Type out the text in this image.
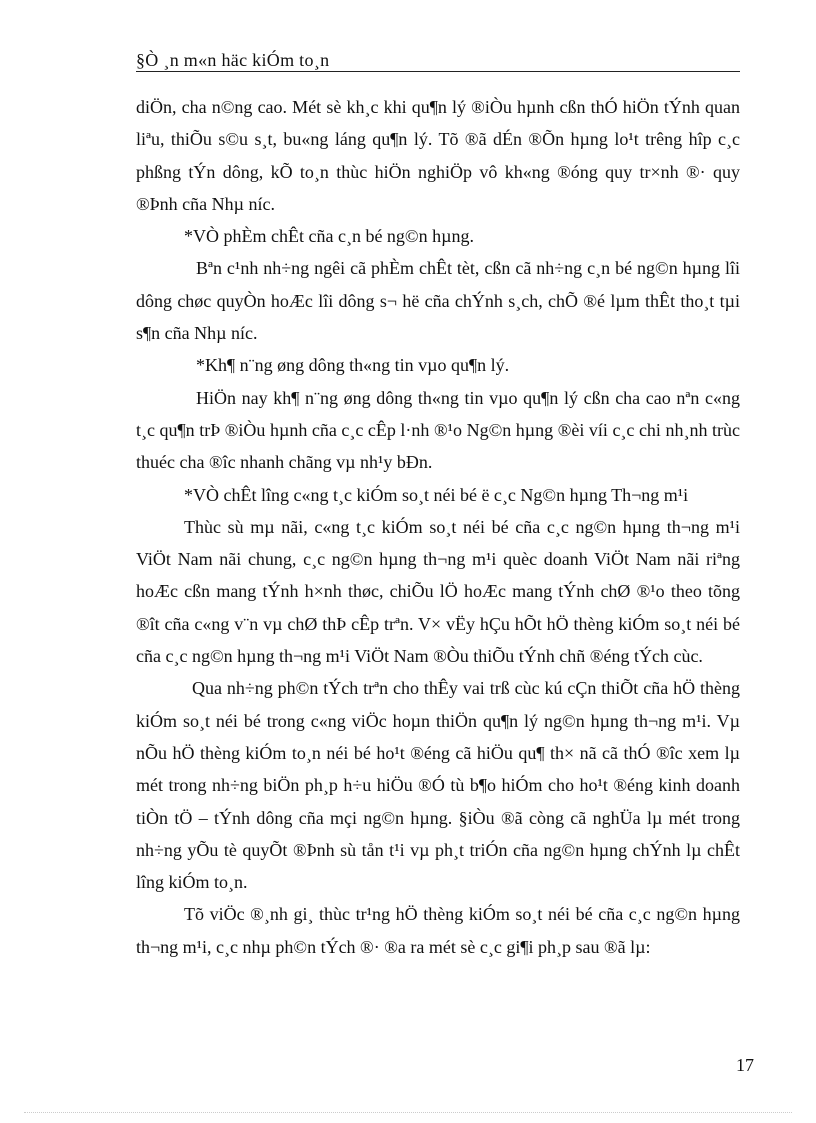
§Ò ¸n m«n häc kiÓm to¸n

diÖn, cha n©ng cao. Mét sè kh¸c khi qu¶n lý ®iÒu hµnh cßn thÓ hiÖn tÝnh quan liªu, thiÕu s©u s¸t, bu«ng láng qu¶n lý. Tõ ®ã dÉn ®Õn hµng lo¹t trêng hîp c¸c phßng tÝn dông, kÕ to¸n thùc hiÖn nghiÖp vô kh«ng ®óng quy tr×nh ®· quy ®Þnh cña Nhµ níc.

*VÒ phÈm chÊt cña c¸n bé ng©n hµng.

Bªn c¹nh nh÷ng ngêi cã phÈm chÊt tèt, cßn cã nh÷ng c¸n bé ng©n hµng lîi dông chøc quyÒn hoÆc lîi dông s¬ hë cña chÝnh s¸ch, chÕ ®é lµm thÊt tho¸t tµi s¶n cña Nhµ níc.

*Kh¶ n¨ng øng dông th«ng tin vµo qu¶n lý.

HiÖn nay kh¶ n¨ng øng dông th«ng tin vµo qu¶n lý cßn cha cao nªn c«ng t¸c qu¶n trÞ ®iÒu hµnh cña c¸c cÊp l·nh ®¹o Ng©n hµng ®èi víi c¸c chi nh¸nh trùc thuéc cha ®îc nhanh chãng vµ nh¹y bÐn.

*VÒ chÊt lîng c«ng t¸c kiÓm so¸t néi bé ë c¸c Ng©n hµng Th¬ng m¹i

Thùc sù mµ nãi, c«ng t¸c kiÓm so¸t néi bé cña c¸c ng©n hµng th¬ng m¹i ViÖt Nam nãi chung, c¸c ng©n hµng th¬ng m¹i quèc doanh ViÖt Nam nãi riªng hoÆc cßn mang tÝnh h×nh thøc, chiÕu lÖ hoÆc mang tÝnh chØ ®¹o theo tõng ®ît cña c«ng v¨n vµ chØ thÞ cÊp trªn. V× vËy hÇu hÕt hÖ thèng kiÓm so¸t néi bé cña c¸c ng©n hµng th¬ng m¹i ViÖt Nam ®Òu thiÕu tÝnh chñ ®éng tÝch cùc.

Qua nh÷ng ph©n tÝch trªn cho thÊy vai trß cùc kú cÇn thiÕt cña hÖ thèng kiÓm so¸t néi bé trong c«ng viÖc hoµn thiÖn qu¶n lý ng©n hµng th¬ng m¹i. Vµ nÕu hÖ thèng kiÓm to¸n néi bé ho¹t ®éng cã hiÖu qu¶ th× nã cã thÓ ®îc xem lµ mét trong nh÷ng biÖn ph¸p h÷u hiÖu ®Ó tù b¶o hiÓm cho ho¹t ®éng kinh doanh tiÒn tÖ – tÝnh dông cña mçi ng©n hµng. §iÒu ®ã còng cã nghÜa lµ mét trong nh÷ng yÕu tè quyÕt ®Þnh sù tån t¹i vµ ph¸t triÓn cña ng©n hµng chÝnh lµ chÊt lîng kiÓm to¸n.

Tõ viÖc ®¸nh gi¸ thùc tr¹ng hÖ thèng kiÓm so¸t néi bé cña c¸c ng©n hµng th¬ng m¹i, c¸c nhµ ph©n tÝch ®· ®a ra mét sè c¸c gi¶i ph¸p sau ®ã lµ:

17
